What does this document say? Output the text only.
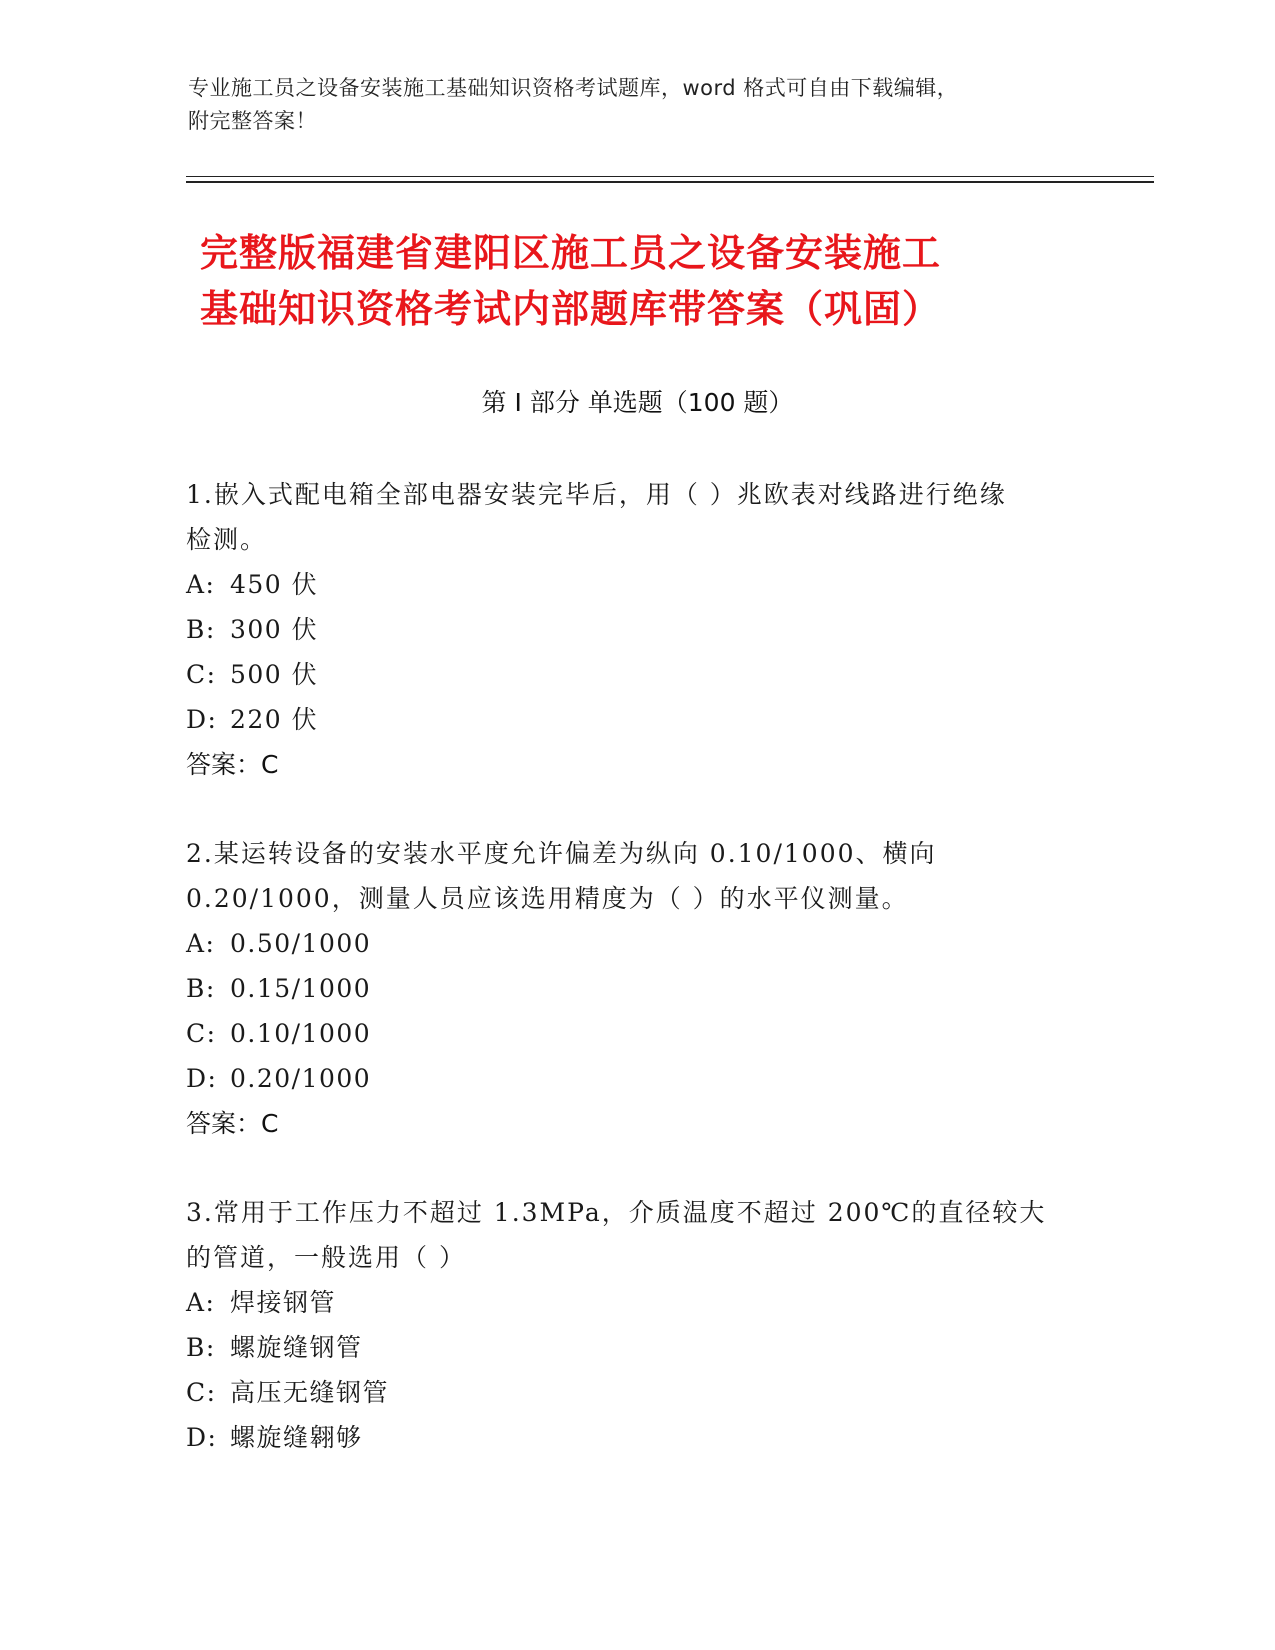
专业施工员之设备安装施工基础知识资格考试题库，word 格式可自由下载编辑，
附完整答案！
完整版福建省建阳区施工员之设备安装施工
基础知识资格考试内部题库带答案（巩固）
第 I 部分 单选题（100 题）

1.嵌入式配电箱全部电器安装完毕后，用（ ）兆欧表对线路进行绝缘

检测。

A: 450 伏

B: 300 伏

C: 500 伏

D: 220 伏

答案：C

2.某运转设备的安装水平度允许偏差为纵向 0.10/1000、横向

0.20/1000，测量人员应该选用精度为（ ）的水平仪测量。

A: 0.50/1000

B: 0.15/1000

C: 0.10/1000

D: 0.20/1000

答案：C

3.常用于工作压力不超过 1.3MPa，介质温度不超过 200℃的直径较大

的管道，一般选用（ ）

A: 焊接钢管

B: 螺旋缝钢管

C: 高压无缝钢管

D: 螺旋缝翱够
